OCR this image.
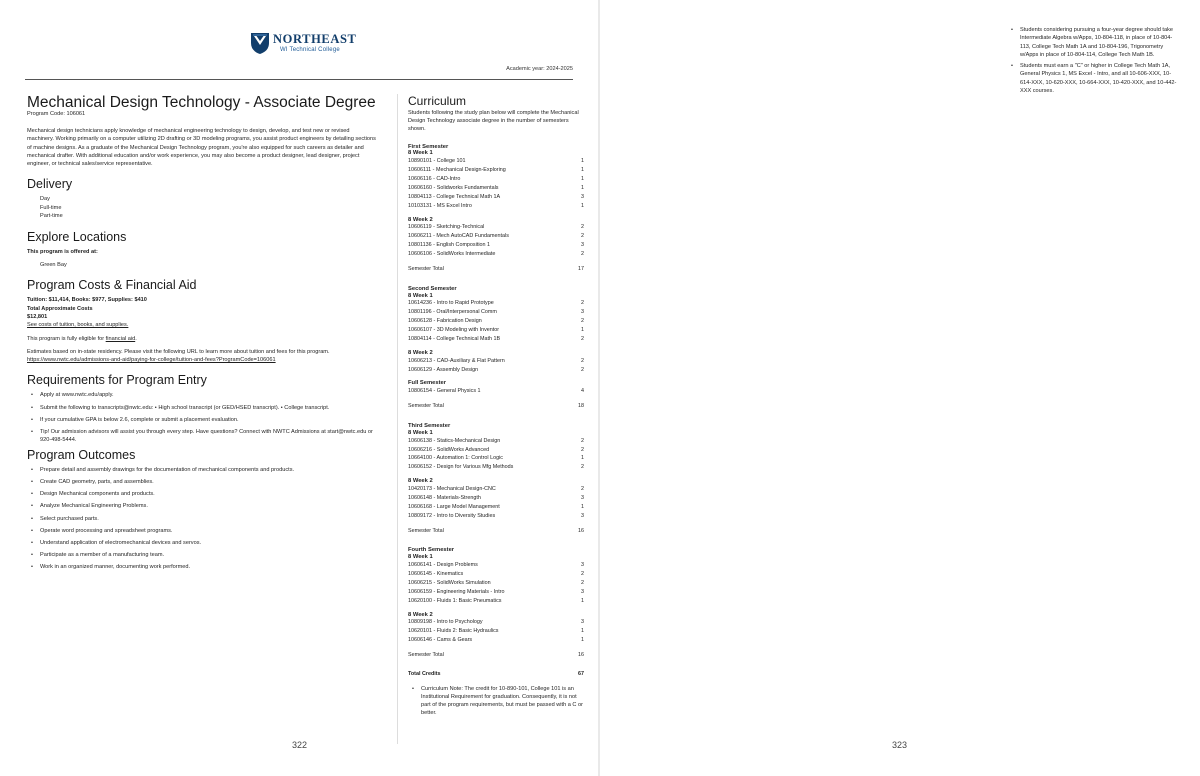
NORTHEAST
WI Technical College
Academic year: 2024-2025
Mechanical Design Technology - Associate Degree
Program Code: 106061
Mechanical design technicians apply knowledge of mechanical engineering technology to design, develop, and test new or revised machinery. Working primarily on a computer utilizing 2D drafting or 3D modeling programs, you assist product engineers by detailing sections of machine designs. As a graduate of the Mechanical Design Technology program, you're also equipped for such careers as detailer and mechanical drafter. With additional education and/or work experience, you may also become a product designer, lead designer, project engineer, or technical sales/service representative.
Delivery
Day
Full-time
Part-time
Explore Locations
This program is offered at:
Green Bay
Program Costs & Financial Aid
Tuition: $11,414, Books: $977, Supplies: $410
Total Approximate Costs
$12,801
See costs of tuition, books, and supplies.
This program is fully eligible for financial aid.
Estimates based on in-state residency. Please visit the following URL to learn more about tuition and fees for this program.
https://www.nwtc.edu/admissions-and-aid/paying-for-college/tuition-and-fees?ProgramCode=106061
Requirements for Program Entry
• Apply at www.nwtc.edu/apply.
• Submit the following to transcripts@nwtc.edu: • High school transcript (or GED/HSED transcript). • College transcript.
• If your cumulative GPA is below 2.6, complete or submit a placement evaluation.
• Tip! Our admission advisors will assist you through every step. Have questions? Connect with NWTC Admissions at start@nwtc.edu or 920-498-5444.
Program Outcomes
• Prepare detail and assembly drawings for the documentation of mechanical components and products.
• Create CAD geometry, parts, and assemblies.
• Design Mechanical components and products.
• Analyze Mechanical Engineering Problems.
• Select purchased parts.
• Operate word processing and spreadsheet programs.
• Understand application of electromechanical devices and servos.
• Participate as a member of a manufacturing team.
• Work in an organized manner, documenting work performed.
Curriculum
Students following the study plan below will complete the Mechanical Design Technology associate degree in the number of semesters shown.
First Semester
8 Week 1
10890101 - College 101	1
10606111 - Mechanical Design-Exploring	1
10606116 - CAD-Intro	1
10606160 - Solidworks Fundamentals	1
10804113 - College Technical Math 1A	3
10103131 - MS Excel Intro	1
8 Week 2
10606119 - Sketching-Technical	2
10606211 - Mech AutoCAD Fundamentals	2
10801136 - English Composition 1	3
10606106 - SolidWorks Intermediate	2
Semester Total	17
Second Semester
8 Week 1
10614236 - Intro to Rapid Prototype	2
10801196 - Oral/Interpersonal Comm	3
10606128 - Fabrication Design	2
10606107 - 3D Modeling with Inventor	1
10804114 - College Technical Math 1B	2
8 Week 2
10606213 - CAD-Auxiliary & Flat Pattern	2
10606129 - Assembly Design	2
Full Semester
10806154 - General Physics 1	4
Semester Total	18
Third Semester
8 Week 1
10606138 - Statics-Mechanical Design	2
10606216 - SolidWorks Advanced	2
10664100 - Automation 1: Control Logic	1
10606152 - Design for Various Mfg Methods	2
8 Week 2
10420173 - Mechanical Design-CNC	2
10606148 - Materials-Strength	3
10606168 - Large Model Management	1
10809172 - Intro to Diversity Studies	3
Semester Total	16
Fourth Semester
8 Week 1
10606141 - Design Problems	3
10606145 - Kinematics	2
10606215 - SolidWorks Simulation	2
10606159 - Engineering Materials - Intro	3
10620100 - Fluids 1: Basic Pneumatics	1
8 Week 2
10809198 - Intro to Psychology	3
10620101 - Fluids 2: Basic Hydraulics	1
10606146 - Cams & Gears	1
Semester Total	16
Total Credits	67
• Curriculum Note: The credit for 10-890-101, College 101 is an Institutional Requirement for graduation. Consequently, it is not part of the program requirements, but must be passed with a C or better.
322
• Students considering pursuing a four-year degree should take Intermediate Algebra w/Apps, 10-804-118, in place of 10-804-113, College Tech Math 1A and 10-804-196, Trigonometry w/Apps in place of 10-804-114, College Tech Math 1B.
• Students must earn a "C" or higher in College Tech Math 1A, General Physics 1, MS Excel - Intro, and all 10-606-XXX, 10-614-XXX, 10-620-XXX, 10-664-XXX, 10-420-XXX, and 10-442-XXX courses.
323
